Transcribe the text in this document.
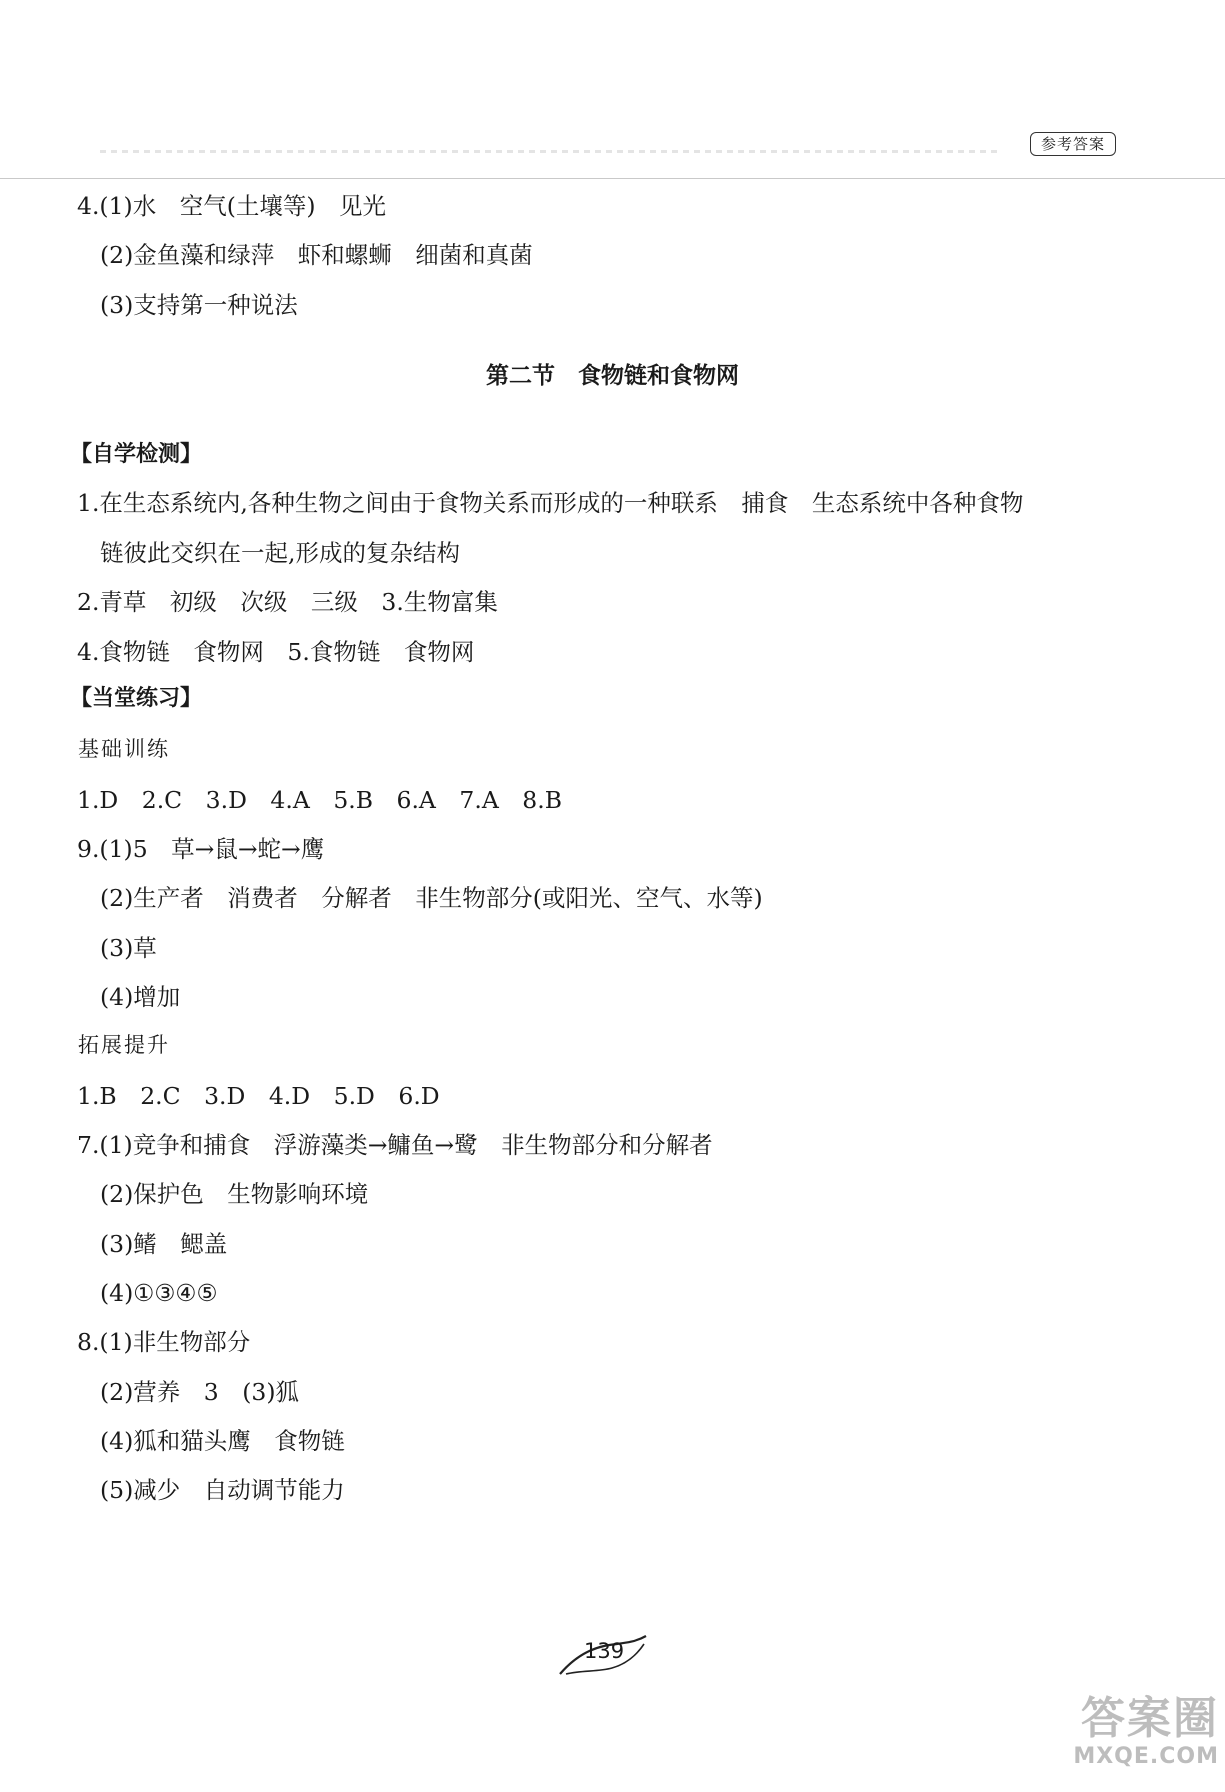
参考答案
4.(1)水　空气(土壤等)　见光
(2)金鱼藻和绿萍　虾和螺蛳　细菌和真菌
(3)支持第一种说法
第二节　食物链和食物网
【自学检测】
1.在生态系统内,各种生物之间由于食物关系而形成的一种联系　捕食　生态系统中各种食物
链彼此交织在一起,形成的复杂结构
2.青草　初级　次级　三级　3.生物富集
4.食物链　食物网　5.食物链　食物网
【当堂练习】
基础训练
1.D　2.C　3.D　4.A　5.B　6.A　7.A　8.B
9.(1)5　草→鼠→蛇→鹰
(2)生产者　消费者　分解者　非生物部分(或阳光、空气、水等)
(3)草
(4)增加
拓展提升
1.B　2.C　3.D　4.D　5.D　6.D
7.(1)竞争和捕食　浮游藻类→鳙鱼→鹭　非生物部分和分解者
(2)保护色　生物影响环境
(3)鳍　鳃盖
(4)①③④⑤
8.(1)非生物部分
(2)营养　3　(3)狐
(4)狐和猫头鹰　食物链
(5)减少　自动调节能力
139
答案圈
MXQE.COM
